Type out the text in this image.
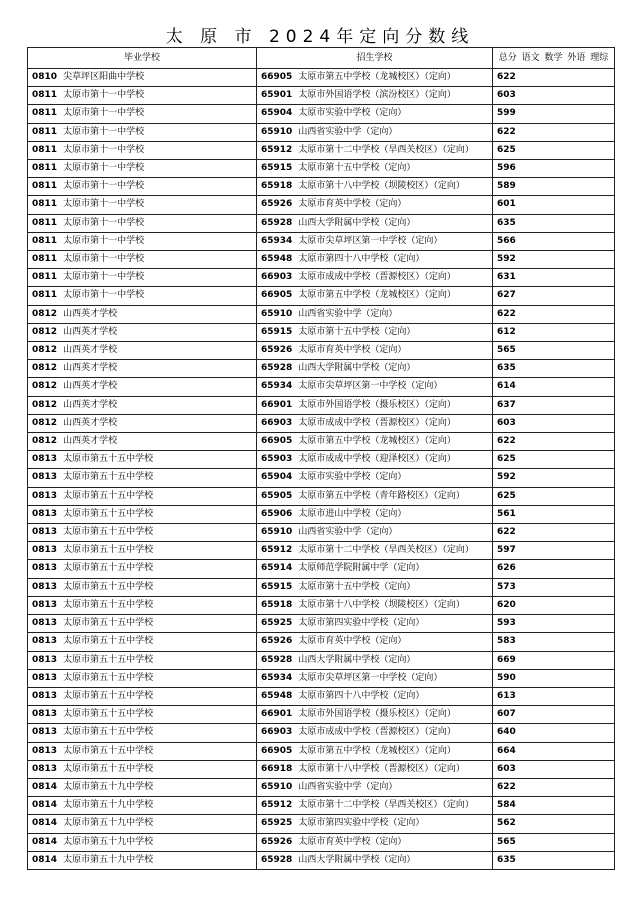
太 原 市 2024年定向分数线
毕业学校	招生学校	总分 语文 数学 外语 理综
0810 尖草坪区阳曲中学校	66905 太原市第五中学校（龙城校区）（定向）	622
0811 太原市第十一中学校	65901 太原市外国语学校（滨汾校区）（定向）	603
0811 太原市第十一中学校	65904 太原市实验中学校（定向）	599
0811 太原市第十一中学校	65910 山西省实验中学（定向）	622
0811 太原市第十一中学校	65912 太原市第十二中学校（旱西关校区）（定向）	625
0811 太原市第十一中学校	65915 太原市第十五中学校（定向）	596
0811 太原市第十一中学校	65918 太原市第十八中学校（坝陵校区）（定向）	589
0811 太原市第十一中学校	65926 太原市育英中学校（定向）	601
0811 太原市第十一中学校	65928 山西大学附属中学校（定向）	635
0811 太原市第十一中学校	65934 太原市尖草坪区第一中学校（定向）	566
0811 太原市第十一中学校	65948 太原市第四十八中学校（定向）	592
0811 太原市第十一中学校	66903 太原市成成中学校（晋源校区）（定向）	631
0811 太原市第十一中学校	66905 太原市第五中学校（龙城校区）（定向）	627
0812 山西英才学校	65910 山西省实验中学（定向）	622
0812 山西英才学校	65915 太原市第十五中学校（定向）	612
0812 山西英才学校	65926 太原市育英中学校（定向）	565
0812 山西英才学校	65928 山西大学附属中学校（定向）	635
0812 山西英才学校	65934 太原市尖草坪区第一中学校（定向）	614
0812 山西英才学校	66901 太原市外国语学校（摄乐校区）（定向）	637
0812 山西英才学校	66903 太原市成成中学校（晋源校区）（定向）	603
0812 山西英才学校	66905 太原市第五中学校（龙城校区）（定向）	622
0813 太原市第五十五中学校	65903 太原市成成中学校（迎泽校区）（定向）	625
0813 太原市第五十五中学校	65904 太原市实验中学校（定向）	592
0813 太原市第五十五中学校	65905 太原市第五中学校（青年路校区）（定向）	625
0813 太原市第五十五中学校	65906 太原市进山中学校（定向）	561
0813 太原市第五十五中学校	65910 山西省实验中学（定向）	622
0813 太原市第五十五中学校	65912 太原市第十二中学校（旱西关校区）（定向）	597
0813 太原市第五十五中学校	65914 太原师范学院附属中学（定向）	626
0813 太原市第五十五中学校	65915 太原市第十五中学校（定向）	573
0813 太原市第五十五中学校	65918 太原市第十八中学校（坝陵校区）（定向）	620
0813 太原市第五十五中学校	65925 太原市第四实验中学校（定向）	593
0813 太原市第五十五中学校	65926 太原市育英中学校（定向）	583
0813 太原市第五十五中学校	65928 山西大学附属中学校（定向）	669
0813 太原市第五十五中学校	65934 太原市尖草坪区第一中学校（定向）	590
0813 太原市第五十五中学校	65948 太原市第四十八中学校（定向）	613
0813 太原市第五十五中学校	66901 太原市外国语学校（摄乐校区）（定向）	607
0813 太原市第五十五中学校	66903 太原市成成中学校（晋源校区）（定向）	640
0813 太原市第五十五中学校	66905 太原市第五中学校（龙城校区）（定向）	664
0813 太原市第五十五中学校	66918 太原市第十八中学校（晋源校区）（定向）	603
0814 太原市第五十九中学校	65910 山西省实验中学（定向）	622
0814 太原市第五十九中学校	65912 太原市第十二中学校（旱西关校区）（定向）	584
0814 太原市第五十九中学校	65925 太原市第四实验中学校（定向）	562
0814 太原市第五十九中学校	65926 太原市育英中学校（定向）	565
0814 太原市第五十九中学校	65928 山西大学附属中学校（定向）	635
